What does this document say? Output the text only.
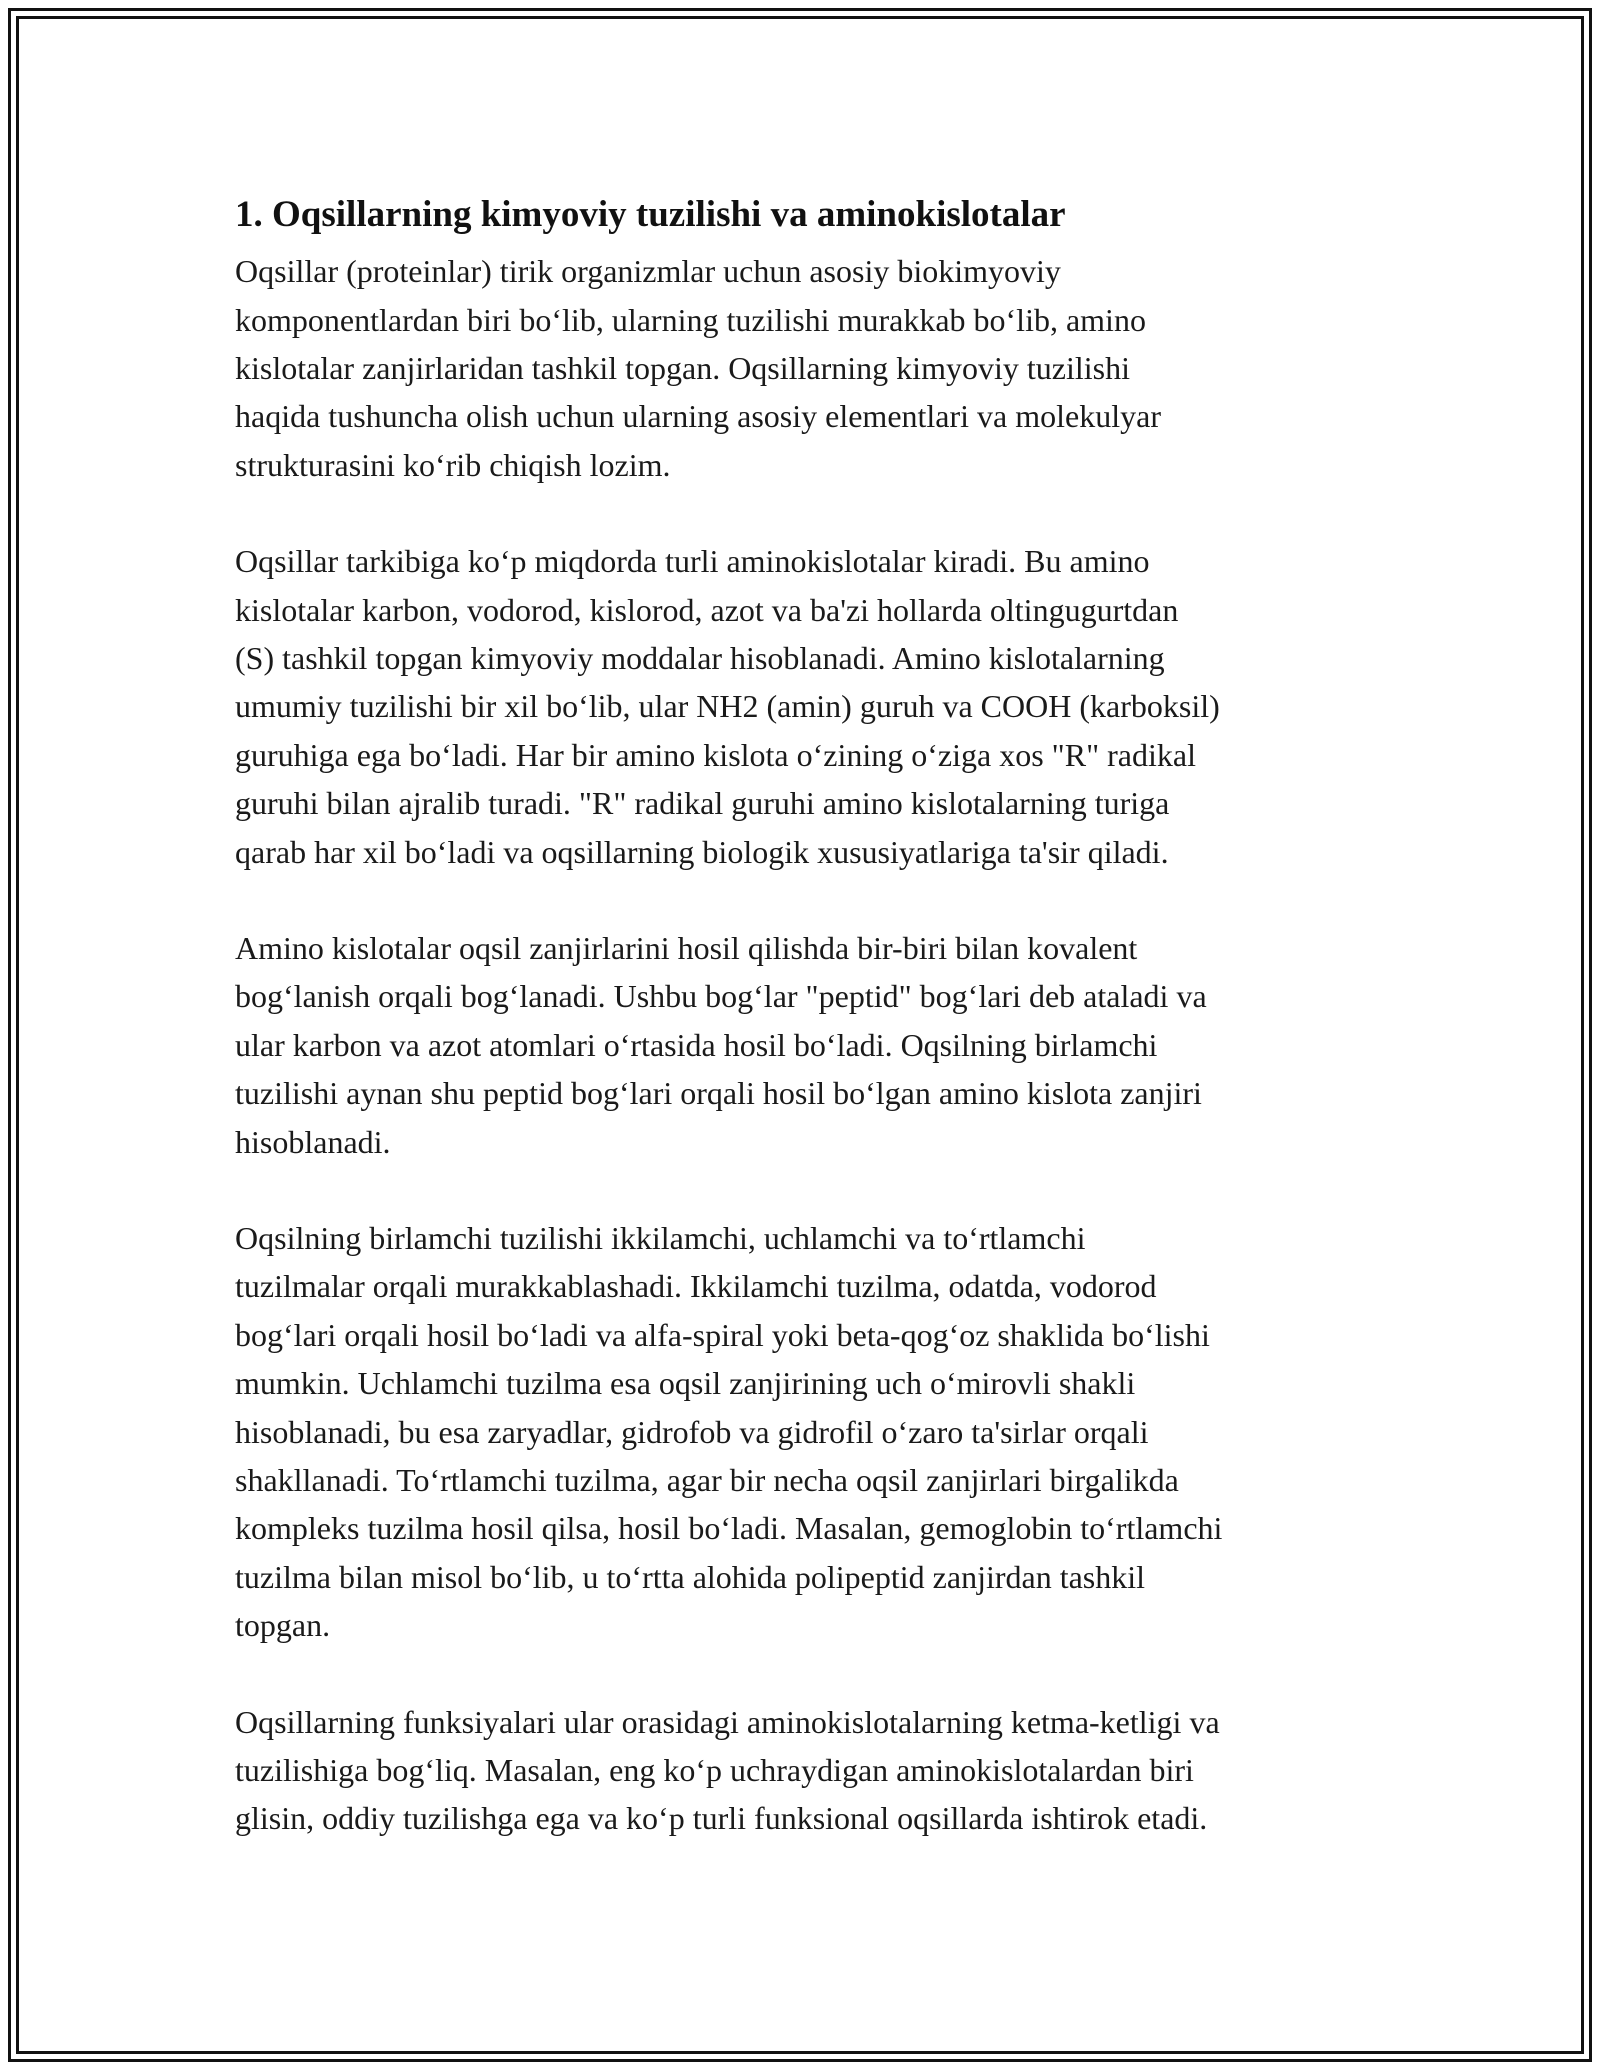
1. Oqsillarning kimyoviy tuzilishi va aminokislotalar
Oqsillar (proteinlar) tirik organizmlar uchun asosiy biokimyoviy
komponentlardan biri bo‘lib, ularning tuzilishi murakkab bo‘lib, amino
kislotalar zanjirlaridan tashkil topgan. Oqsillarning kimyoviy tuzilishi
haqida tushuncha olish uchun ularning asosiy elementlari va molekulyar
strukturasini ko‘rib chiqish lozim.
Oqsillar tarkibiga ko‘p miqdorda turli aminokislotalar kiradi. Bu amino
kislotalar karbon, vodorod, kislorod, azot va ba'zi hollarda oltingugurtdan
(S) tashkil topgan kimyoviy moddalar hisoblanadi. Amino kislotalarning
umumiy tuzilishi bir xil bo‘lib, ular NH2 (amin) guruh va COOH (karboksil)
guruhiga ega bo‘ladi. Har bir amino kislota o‘zining o‘ziga xos "R" radikal
guruhi bilan ajralib turadi. "R" radikal guruhi amino kislotalarning turiga
qarab har xil bo‘ladi va oqsillarning biologik xususiyatlariga ta'sir qiladi.
Amino kislotalar oqsil zanjirlarini hosil qilishda bir-biri bilan kovalent
bog‘lanish orqali bog‘lanadi. Ushbu bog‘lar "peptid" bog‘lari deb ataladi va
ular karbon va azot atomlari o‘rtasida hosil bo‘ladi. Oqsilning birlamchi
tuzilishi aynan shu peptid bog‘lari orqali hosil bo‘lgan amino kislota zanjiri
hisoblanadi.
Oqsilning birlamchi tuzilishi ikkilamchi, uchlamchi va to‘rtlamchi
tuzilmalar orqali murakkablashadi. Ikkilamchi tuzilma, odatda, vodorod
bog‘lari orqali hosil bo‘ladi va alfa-spiral yoki beta-qog‘oz shaklida bo‘lishi
mumkin. Uchlamchi tuzilma esa oqsil zanjirining uch o‘mirovli shakli
hisoblanadi, bu esa zaryadlar, gidrofob va gidrofil o‘zaro ta'sirlar orqali
shakllanadi. To‘rtlamchi tuzilma, agar bir necha oqsil zanjirlari birgalikda
kompleks tuzilma hosil qilsa, hosil bo‘ladi. Masalan, gemoglobin to‘rtlamchi
tuzilma bilan misol bo‘lib, u to‘rtta alohida polipeptid zanjirdan tashkil
topgan.
Oqsillarning funksiyalari ular orasidagi aminokislotalarning ketma-ketligi va
tuzilishiga bog‘liq. Masalan, eng ko‘p uchraydigan aminokislotalardan biri
glisin, oddiy tuzilishga ega va ko‘p turli funksional oqsillarda ishtirok etadi.
